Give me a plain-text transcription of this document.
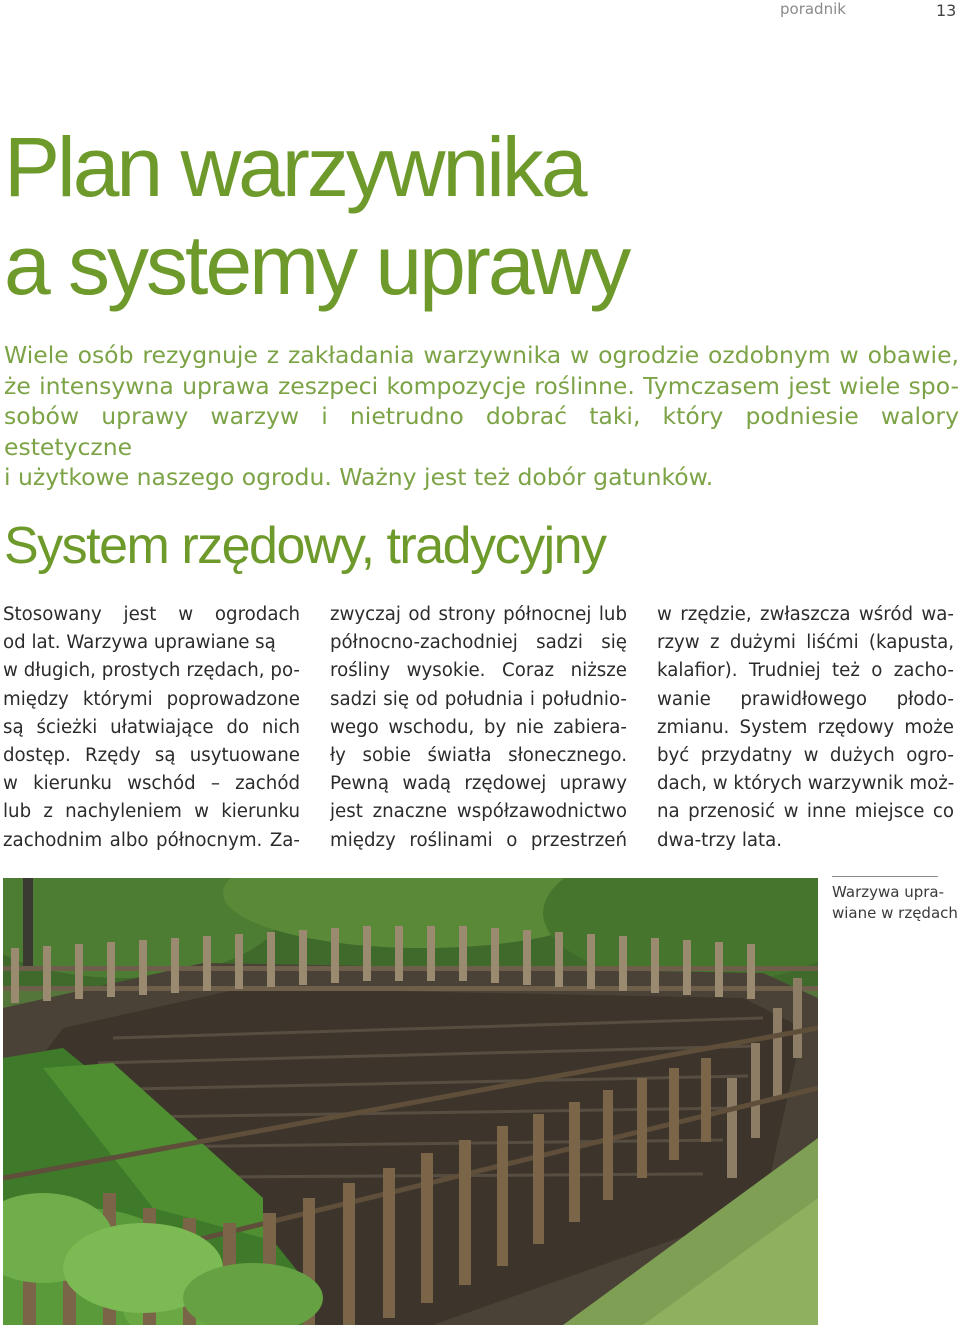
poradnik	13
Plan warzywnika
a systemy uprawy

Wiele osób rezygnuje z zakładania warzywnika w ogrodzie ozdobnym w obawie,
że intensywna uprawa zeszpeci kompozycje roślinne. Tymczasem jest wiele spo-
sobów uprawy warzyw i nietrudno dobrać taki, który podniesie walory estetyczne
i użytkowe naszego ogrodu. Ważny jest też dobór gatunków.

System rzędowy, tradycyjny
Stosowany jest w ogrodach
od lat. Warzywa uprawiane są
w długich, prostych rzędach, po-
między którymi poprowadzone
są ścieżki ułatwiające do nich
dostęp. Rzędy są usytuowane
w kierunku wschód – zachód
lub z nachyleniem w kierunku
zachodnim albo północnym. Za-
zwyczaj od strony północnej lub
północno-zachodniej sadzi się
rośliny wysokie. Coraz niższe
sadzi się od południa i południo-
wego wschodu, by nie zabiera-
ły sobie światła słonecznego.
Pewną wadą rzędowej uprawy
jest znaczne współzawodnictwo
między roślinami o przestrzeń
w rzędzie, zwłaszcza wśród wa-
rzyw z dużymi liśćmi (kapusta,
kalafior). Trudniej też o zacho-
wanie prawidłowego płodo-
zmianu. System rzędowy może
być przydatny w dużych ogro-
dach, w których warzywnik moż-
na przenosić w inne miejsce co
dwa-trzy lata.
Warzywa upra-
wiane w rzędach
